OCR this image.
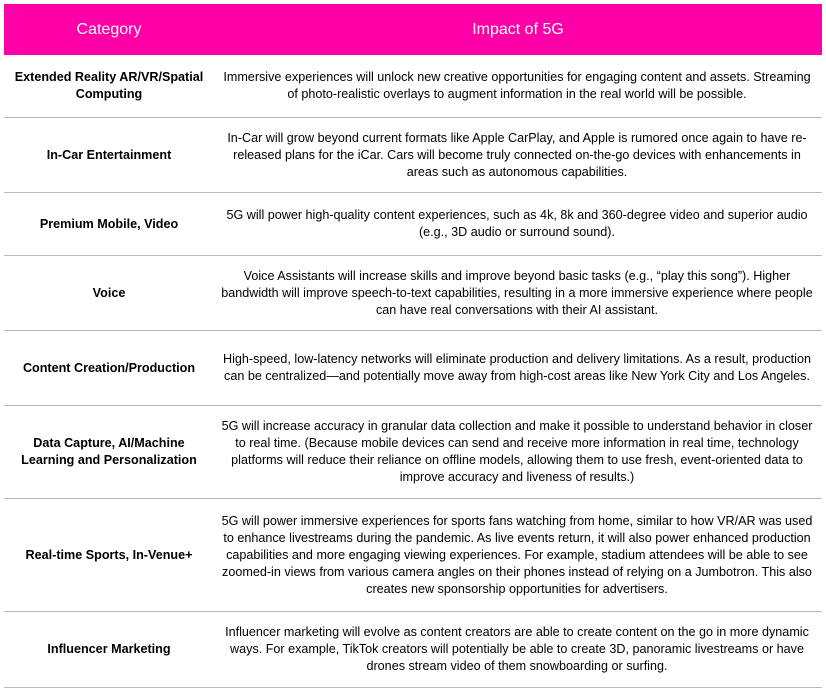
Category	Impact of 5G
Extended Reality AR/VR/Spatial Computing
Immersive experiences will unlock new creative opportunities for engaging content and assets. Streaming of photo-realistic overlays to augment information in the real world will be possible.
In-Car Entertainment
In-Car will grow beyond current formats like Apple CarPlay, and Apple is rumored once again to have re-released plans for the iCar. Cars will become truly connected on-the-go devices with enhancements in areas such as autonomous capabilities.
Premium Mobile, Video
5G will power high-quality content experiences, such as 4k, 8k and 360-degree video and superior audio (e.g., 3D audio or surround sound).
Voice
Voice Assistants will increase skills and improve beyond basic tasks (e.g., “play this song”). Higher bandwidth will improve speech-to-text capabilities, resulting in a more immersive experience where people can have real conversations with their AI assistant.
Content Creation/Production
High-speed, low-latency networks will eliminate production and delivery limitations. As a result, production can be centralized—and potentially move away from high-cost areas like New York City and Los Angeles.
Data Capture, AI/Machine Learning and Personalization
5G will increase accuracy in granular data collection and make it possible to understand behavior in closer to real time. (Because mobile devices can send and receive more information in real time, technology platforms will reduce their reliance on offline models, allowing them to use fresh, event-oriented data to improve accuracy and liveness of results.)
Real-time Sports, In-Venue+
5G will power immersive experiences for sports fans watching from home, similar to how VR/AR was used to enhance livestreams during the pandemic. As live events return, it will also power enhanced production capabilities and more engaging viewing experiences. For example, stadium attendees will be able to see zoomed-in views from various camera angles on their phones instead of relying on a Jumbotron. This also creates new sponsorship opportunities for advertisers.
Influencer Marketing
Influencer marketing will evolve as content creators are able to create content on the go in more dynamic ways. For example, TikTok creators will potentially be able to create 3D, panoramic livestreams or have drones stream video of them snowboarding or surfing.
